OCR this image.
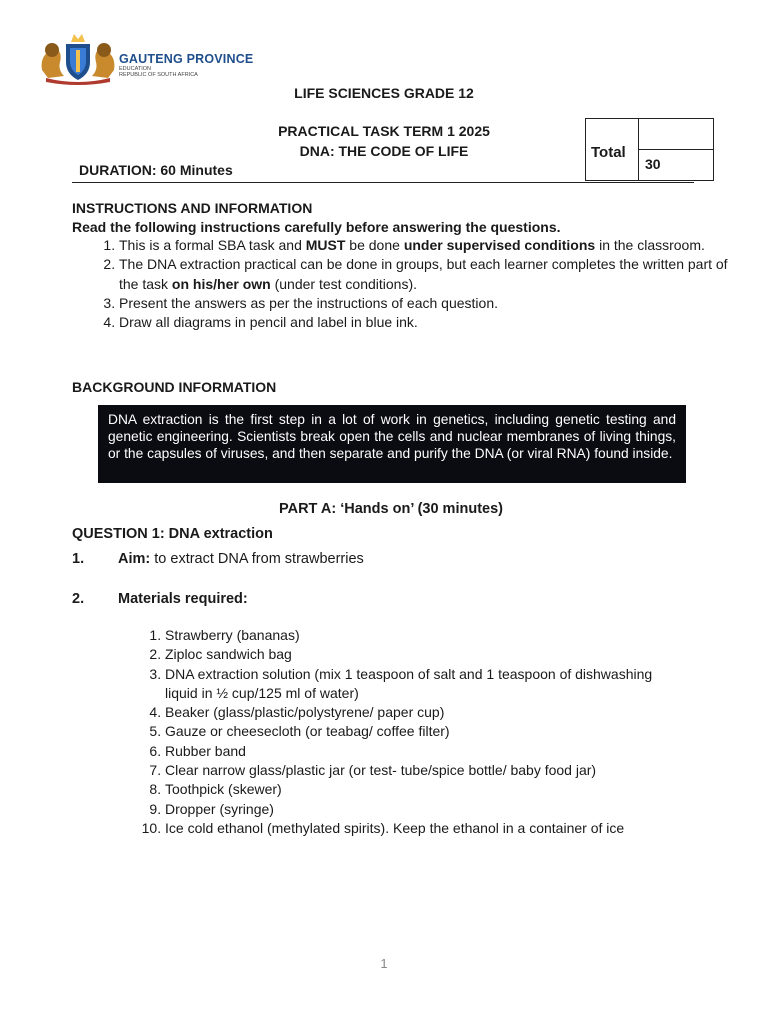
GAUTENG PROVINCE
EDUCATION
REPUBLIC OF SOUTH AFRICA
LIFE SCIENCES GRADE 12
PRACTICAL TASK TERM 1 2025
DNA: THE CODE OF LIFE
DURATION: 60 Minutes
Total
30
INSTRUCTIONS AND INFORMATION
Read the following instructions carefully before answering the questions.
1. This is a formal SBA task and MUST be done under supervised conditions in the classroom.
2. The DNA extraction practical can be done in groups, but each learner completes the written part of the task on his/her own (under test conditions).
3. Present the answers as per the instructions of each question.
4. Draw all diagrams in pencil and label in blue ink.
BACKGROUND INFORMATION
DNA extraction is the first step in a lot of work in genetics, including genetic testing and genetic engineering. Scientists break open the cells and nuclear membranes of living things, or the capsules of viruses, and then separate and purify the DNA (or viral RNA) found inside.
PART A: ‘Hands on’ (30 minutes)
QUESTION 1: DNA extraction
1. Aim: to extract DNA from strawberries
2. Materials required:
1. Strawberry (bananas)
2. Ziploc sandwich bag
3. DNA extraction solution (mix 1 teaspoon of salt and 1 teaspoon of dishwashing liquid in ½ cup/125 ml of water)
4. Beaker (glass/plastic/polystyrene/ paper cup)
5. Gauze or cheesecloth (or teabag/ coffee filter)
6. Rubber band
7. Clear narrow glass/plastic jar (or test- tube/spice bottle/ baby food jar)
8. Toothpick (skewer)
9. Dropper (syringe)
10. Ice cold ethanol (methylated spirits). Keep the ethanol in a container of ice
1
